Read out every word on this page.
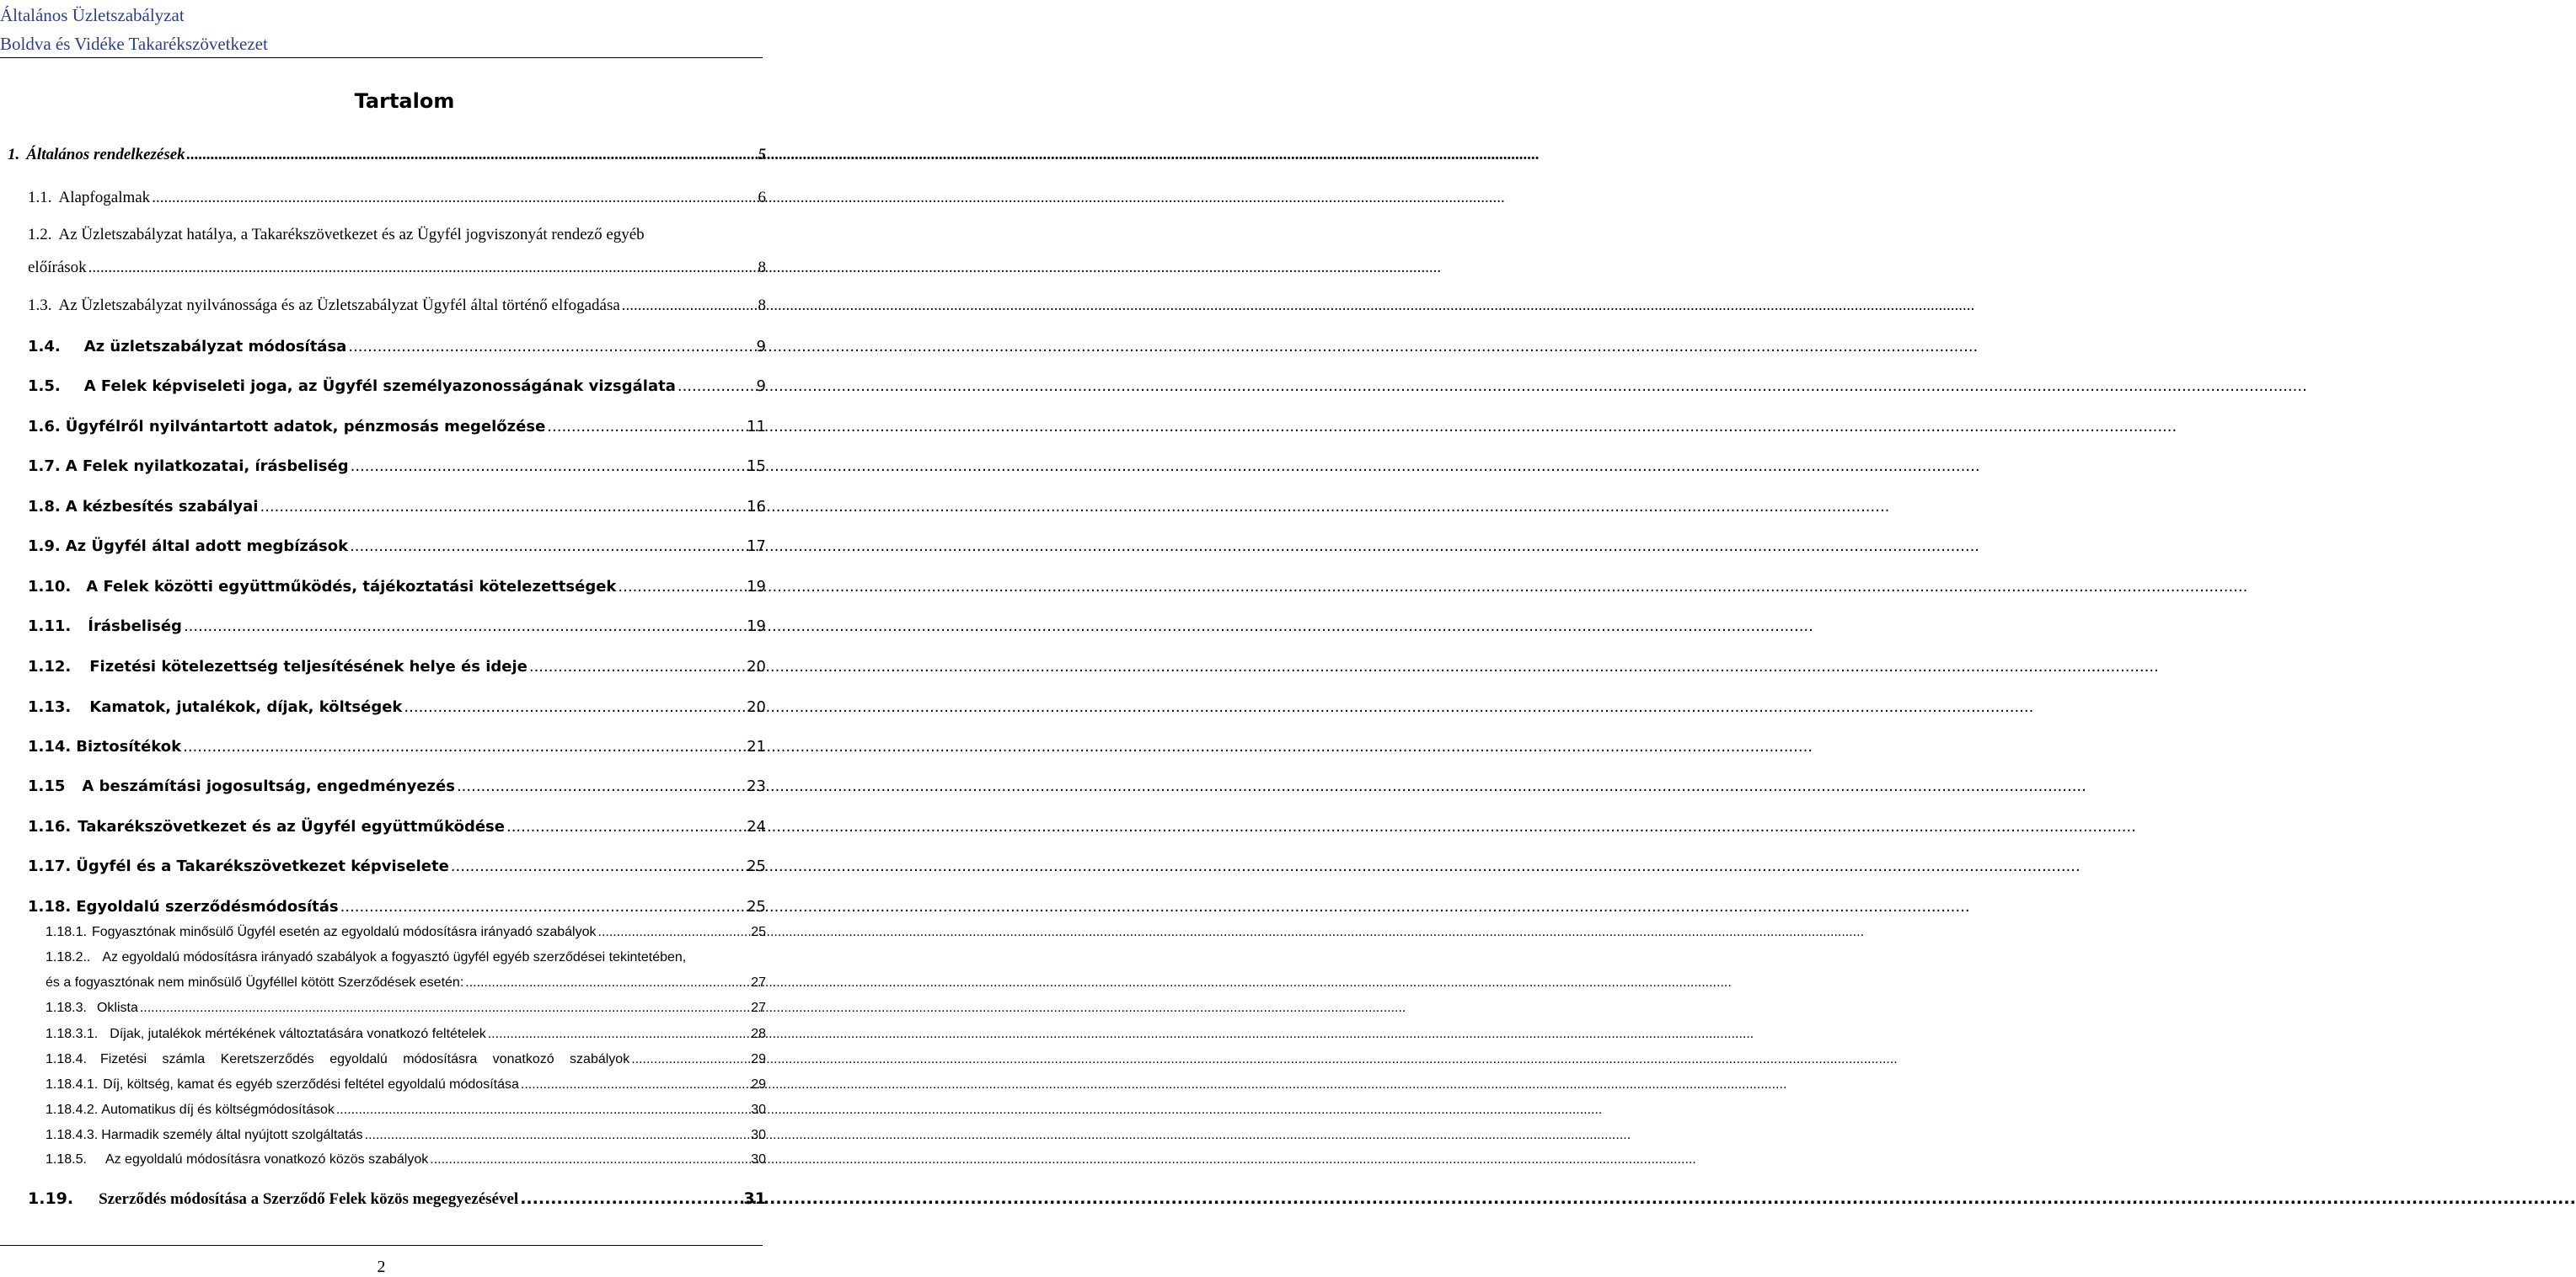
Általános Üzletszabályzat
Boldva és Vidéke Takarékszövetkezet
Tartalom
1. Általános rendelkezések .....	5
1.1. Alapfogalmak .....	6
1.2. Az Üzletszabályzat hatálya, a Takarékszövetkezet és az Ügyfél jogviszonyát rendező egyéb
előírások .....	8
1.3. Az Üzletszabályzat nyilvánossága és az Üzletszabályzat Ügyfél által történő elfogadása .....	8
1.4. Az üzletszabályzat módosítása .....	9
1.5. A Felek képviseleti joga, az Ügyfél személyazonosságának vizsgálata .....	9
1.6. Ügyfélről nyilvántartott adatok, pénzmosás megelőzése .....	11
1.7. A Felek nyilatkozatai, írásbeliség .....	15
1.8. A kézbesítés szabályai .....	16
1.9. Az Ügyfél által adott megbízások .....	17
1.10. A Felek közötti együttműködés, tájékoztatási kötelezettségek .....	19
1.11. Írásbeliség .....	19
1.12. Fizetési kötelezettség teljesítésének helye és ideje .....	20
1.13. Kamatok, jutalékok, díjak, költségek .....	20
1.14. Biztosítékok .....	21
1.15 A beszámítási jogosultság, engedményezés .....	23
1.16. Takarékszövetkezet és az Ügyfél együttműködése .....	24
1.17. Ügyfél és a Takarékszövetkezet képviselete .....	25
1.18. Egyoldalú szerződésmódosítás .....	25
1.18.1. Fogyasztónak minősülő Ügyfél esetén az egyoldalú módosításra irányadó szabályok .....	25
1.18.2.. Az egyoldalú módosításra irányadó szabályok a fogyasztó ügyfél egyéb szerződései tekintetében,
és a fogyasztónak nem minősülő Ügyféllel kötött Szerződések esetén: .....	27
1.18.3. Oklista .....	27
1.18.3.1. Díjak, jutalékok mértékének változtatására vonatkozó feltételek .....	28
1.18.4. Fizetési számla Keretszerződés egyoldalú módosításra vonatkozó szabályok .....	29
1.18.4.1. Díj, költség, kamat és egyéb szerződési feltétel egyoldalú módosítása .....	29
1.18.4.2. Automatikus díj és költségmódosítások .....	30
1.18.4.3. Harmadik személy által nyújtott szolgáltatás .....	30
1.18.5. Az egyoldalú módosításra vonatkozó közös szabályok .....	30
1.19. Szerződés módosítása a Szerződő Felek közös megegyezésével .....	31
2
